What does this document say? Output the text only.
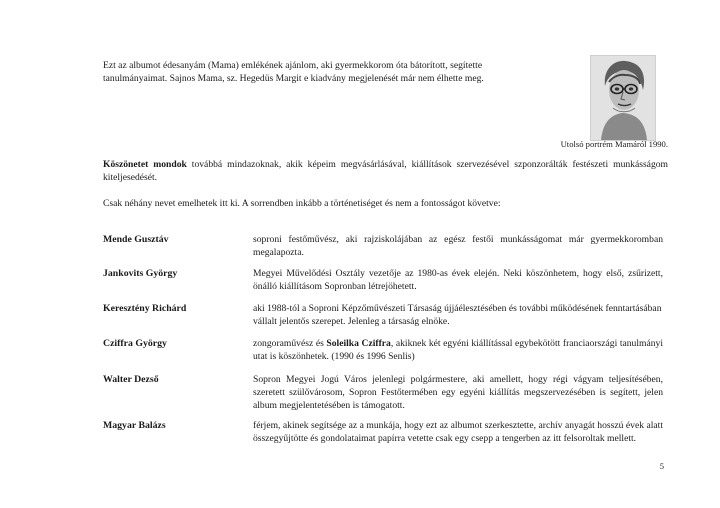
Ezt az albumot édesanyám (Mama) emlékének ajánlom, aki gyermekkorom óta bátorított, segítette
tanulmányaimat. Sajnos Mama, sz. Hegedüs Margit e kiadvány megjelenését már nem élhette meg.
Utolsó portrém Mamáról 1990.
Köszönetet mondok továbbá mindazoknak, akik képeim megvásárlásával, kiállítások szervezésével szponzorálták festészeti munkásságom kiteljesedését.
Csak néhány nevet emelhetek itt ki. A sorrendben inkább a történetiséget és nem a fontosságot követve:
Mende Gusztáv	soproni festőművész, aki rajziskolájában az egész festői munkásságomat már gyermekkoromban megalapozta.
Jankovits György	Megyei Művelődési Osztály vezetője az 1980-as évek elején. Neki köszönhetem, hogy első, zsűrizett, önálló kiállításom Sopronban létrejöhetett.
Keresztény Richárd	aki 1988-tól a Soproni Képzőművészeti Társaság újjáélesztésében és további működésének fenntartásában vállalt jelentős szerepet. Jelenleg a társaság elnöke.
Cziffra György	zongoraművész és Soleilka Cziffra, akiknek két egyéni kiállítással egybekötött franciaországi tanulmányi utat is köszönhetek. (1990 és 1996 Senlis)
Walter Dezső	Sopron Megyei Jogú Város jelenlegi polgármestere, aki amellett, hogy régi vágyam teljesítésében, szeretett szülővárosom, Sopron Festőtermében egy egyéni kiállítás megszervezésében is segített, jelen album megjelentetésében is támogatott.
Magyar Balázs	férjem, akinek segítsége az a munkája, hogy ezt az albumot szerkesztette, archív anyagát hosszú évek alatt összegyűjtötte és gondolataimat papírra vetette csak egy csepp a tengerben az itt felsoroltak mellett.
5
